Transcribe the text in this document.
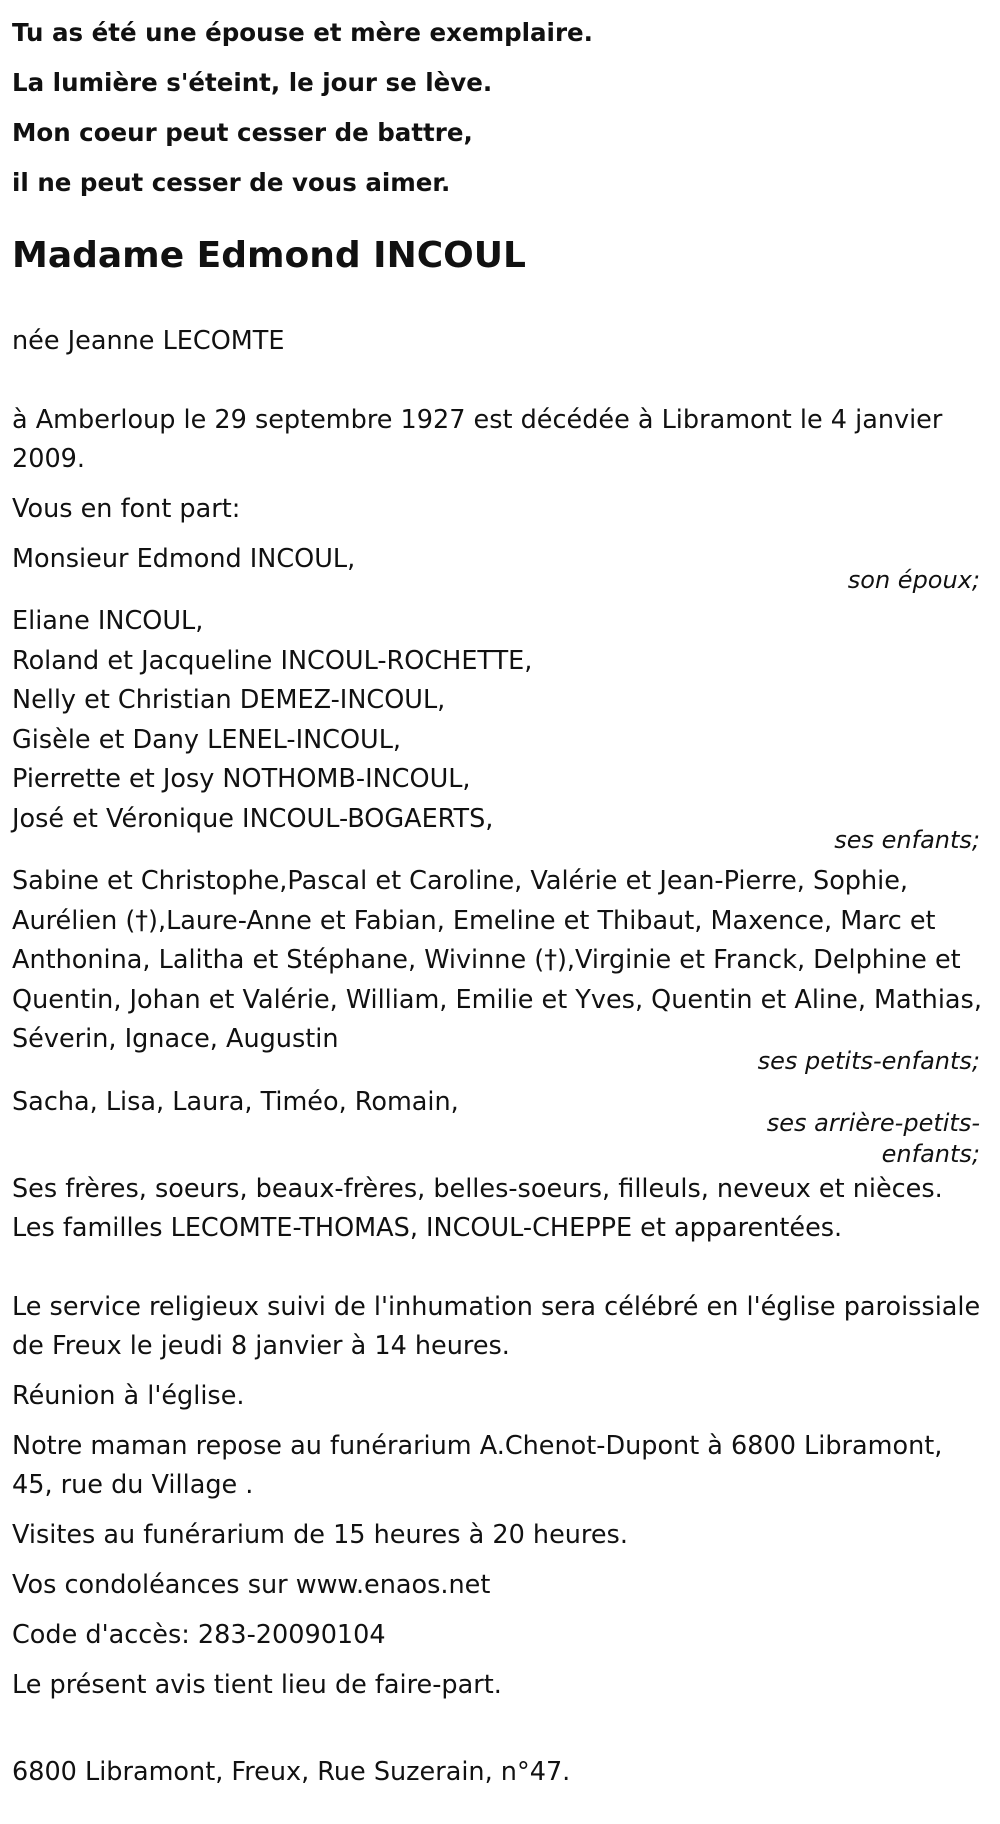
Tu as été une épouse et mère exemplaire.
La lumière s'éteint, le jour se lève.
Mon coeur peut cesser de battre,
il ne peut cesser de vous aimer.
Madame Edmond INCOUL
née Jeanne LECOMTE
à Amberloup le 29 septembre 1927 est décédée à Libramont le 4 janvier 2009.
Vous en font part:
Monsieur Edmond INCOUL,
son époux;
Eliane INCOUL,
Roland et Jacqueline INCOUL-ROCHETTE,
Nelly et Christian DEMEZ-INCOUL,
Gisèle et Dany LENEL-INCOUL,
Pierrette et Josy NOTHOMB-INCOUL,
José et Véronique INCOUL-BOGAERTS,
ses enfants;
Sabine et Christophe,Pascal et Caroline, Valérie et Jean-Pierre, Sophie, Aurélien (†),Laure-Anne et Fabian, Emeline et Thibaut, Maxence, Marc et Anthonina, Lalitha et Stéphane, Wivinne (†),Virginie et Franck, Delphine et Quentin, Johan et Valérie, William, Emilie et Yves, Quentin et Aline, Mathias, Séverin, Ignace, Augustin
ses petits-enfants;
Sacha, Lisa, Laura, Timéo, Romain,
ses arrière-petits-enfants;
Ses frères, soeurs, beaux-frères, belles-soeurs, filleuls, neveux et nièces.
Les familles LECOMTE-THOMAS, INCOUL-CHEPPE et apparentées.
Le service religieux suivi de l'inhumation sera célébré en l'église paroissiale de Freux le jeudi 8 janvier à 14 heures.
Réunion à l'église.
Notre maman repose au funérarium A.Chenot-Dupont à 6800 Libramont, 45, rue du Village .
Visites au funérarium de 15 heures à 20 heures.
Vos condoléances sur www.enaos.net
Code d'accès: 283-20090104
Le présent avis tient lieu de faire-part.
6800 Libramont, Freux, Rue Suzerain, n°47.
